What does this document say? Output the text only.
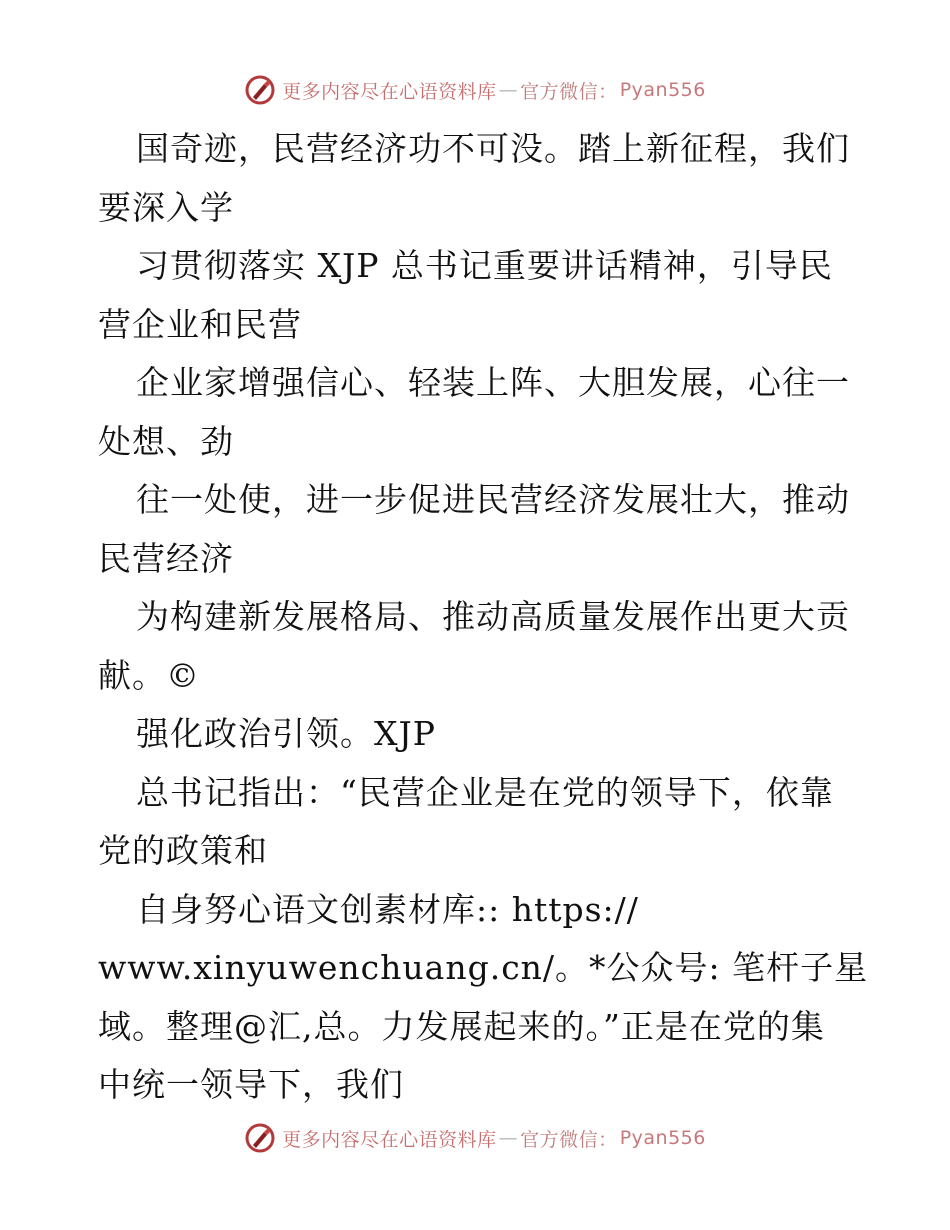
更多内容尽在心语资料库 — 官方微信： Pyan556
国奇迹，民营经济功不可没。踏上新征程，我们
要深入学
习贯彻落实 XJP 总书记重要讲话精神，引导民
营企业和民营
企业家增强信心、轻装上阵、大胆发展，心往一
处想、劲
往一处使，进一步促进民营经济发展壮大，推动
民营经济
为构建新发展格局、推动高质量发展作出更大贡
献。©
强化政治引领。XJP
总书记指出：“民营企业是在党的领导下，依靠
党的政策和
自身努心语文创素材库:: https://
www.xinyuwenchuang.cn/。*公众号: 笔杆子星
域。整理@汇,总。力发展起来的。”正是在党的集
中统一领导下，我们
更多内容尽在心语资料库 — 官方微信： Pyan556
